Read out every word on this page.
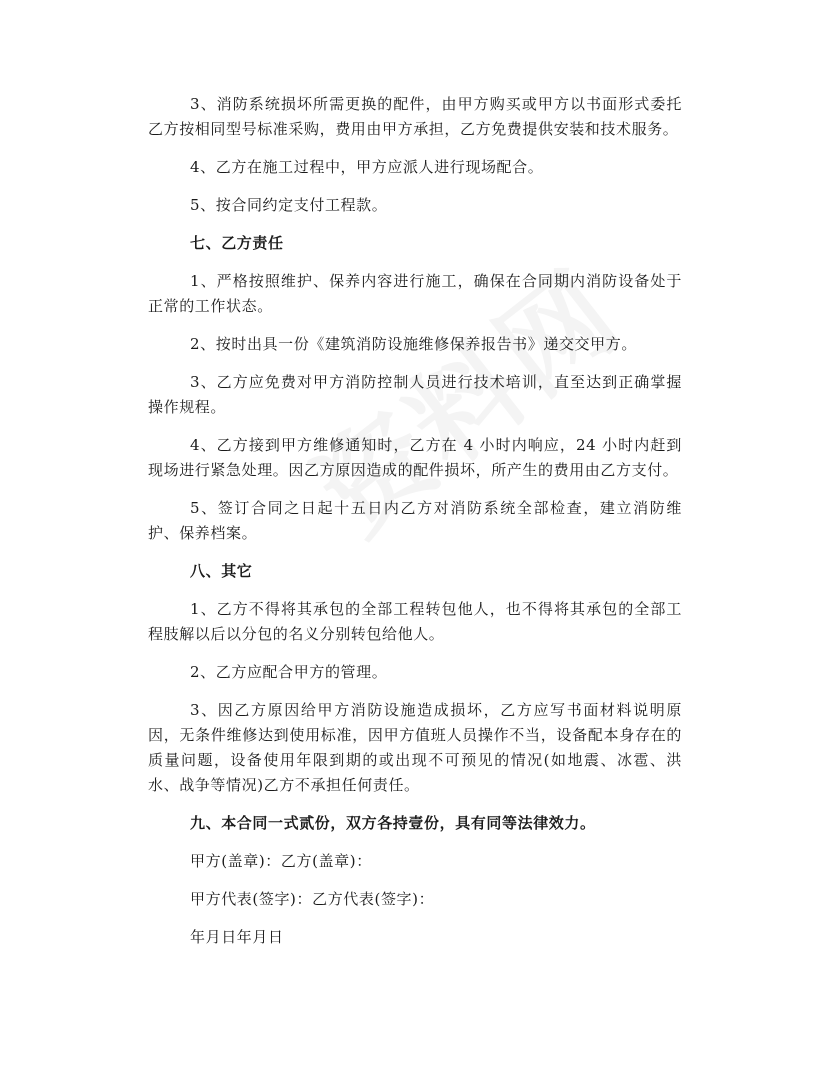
3、消防系统损坏所需更换的配件，由甲方购买或甲方以书面形式委托乙方按相同型号标准采购，费用由甲方承担，乙方免费提供安装和技术服务。

4、乙方在施工过程中，甲方应派人进行现场配合。

5、按合同约定支付工程款。

七、乙方责任

1、严格按照维护、保养内容进行施工，确保在合同期内消防设备处于正常的工作状态。

2、按时出具一份《建筑消防设施维修保养报告书》递交交甲方。

3、乙方应免费对甲方消防控制人员进行技术培训，直至达到正确掌握操作规程。

4、乙方接到甲方维修通知时，乙方在 4 小时内响应，24 小时内赶到现场进行紧急处理。因乙方原因造成的配件损坏，所产生的费用由乙方支付。

5、签订合同之日起十五日内乙方对消防系统全部检查，建立消防维护、保养档案。

八、其它

1、乙方不得将其承包的全部工程转包他人，也不得将其承包的全部工程肢解以后以分包的名义分别转包给他人。

2、乙方应配合甲方的管理。

3、因乙方原因给甲方消防设施造成损坏，乙方应写书面材料说明原因，无条件维修达到使用标准，因甲方值班人员操作不当，设备配本身存在的质量问题，设备使用年限到期的或出现不可预见的情况(如地震、冰雹、洪水、战争等情况)乙方不承担任何责任。

九、本合同一式贰份，双方各持壹份，具有同等法律效力。

甲方(盖章)：乙方(盖章)：

甲方代表(签字)：乙方代表(签字)：

年月日年月日
